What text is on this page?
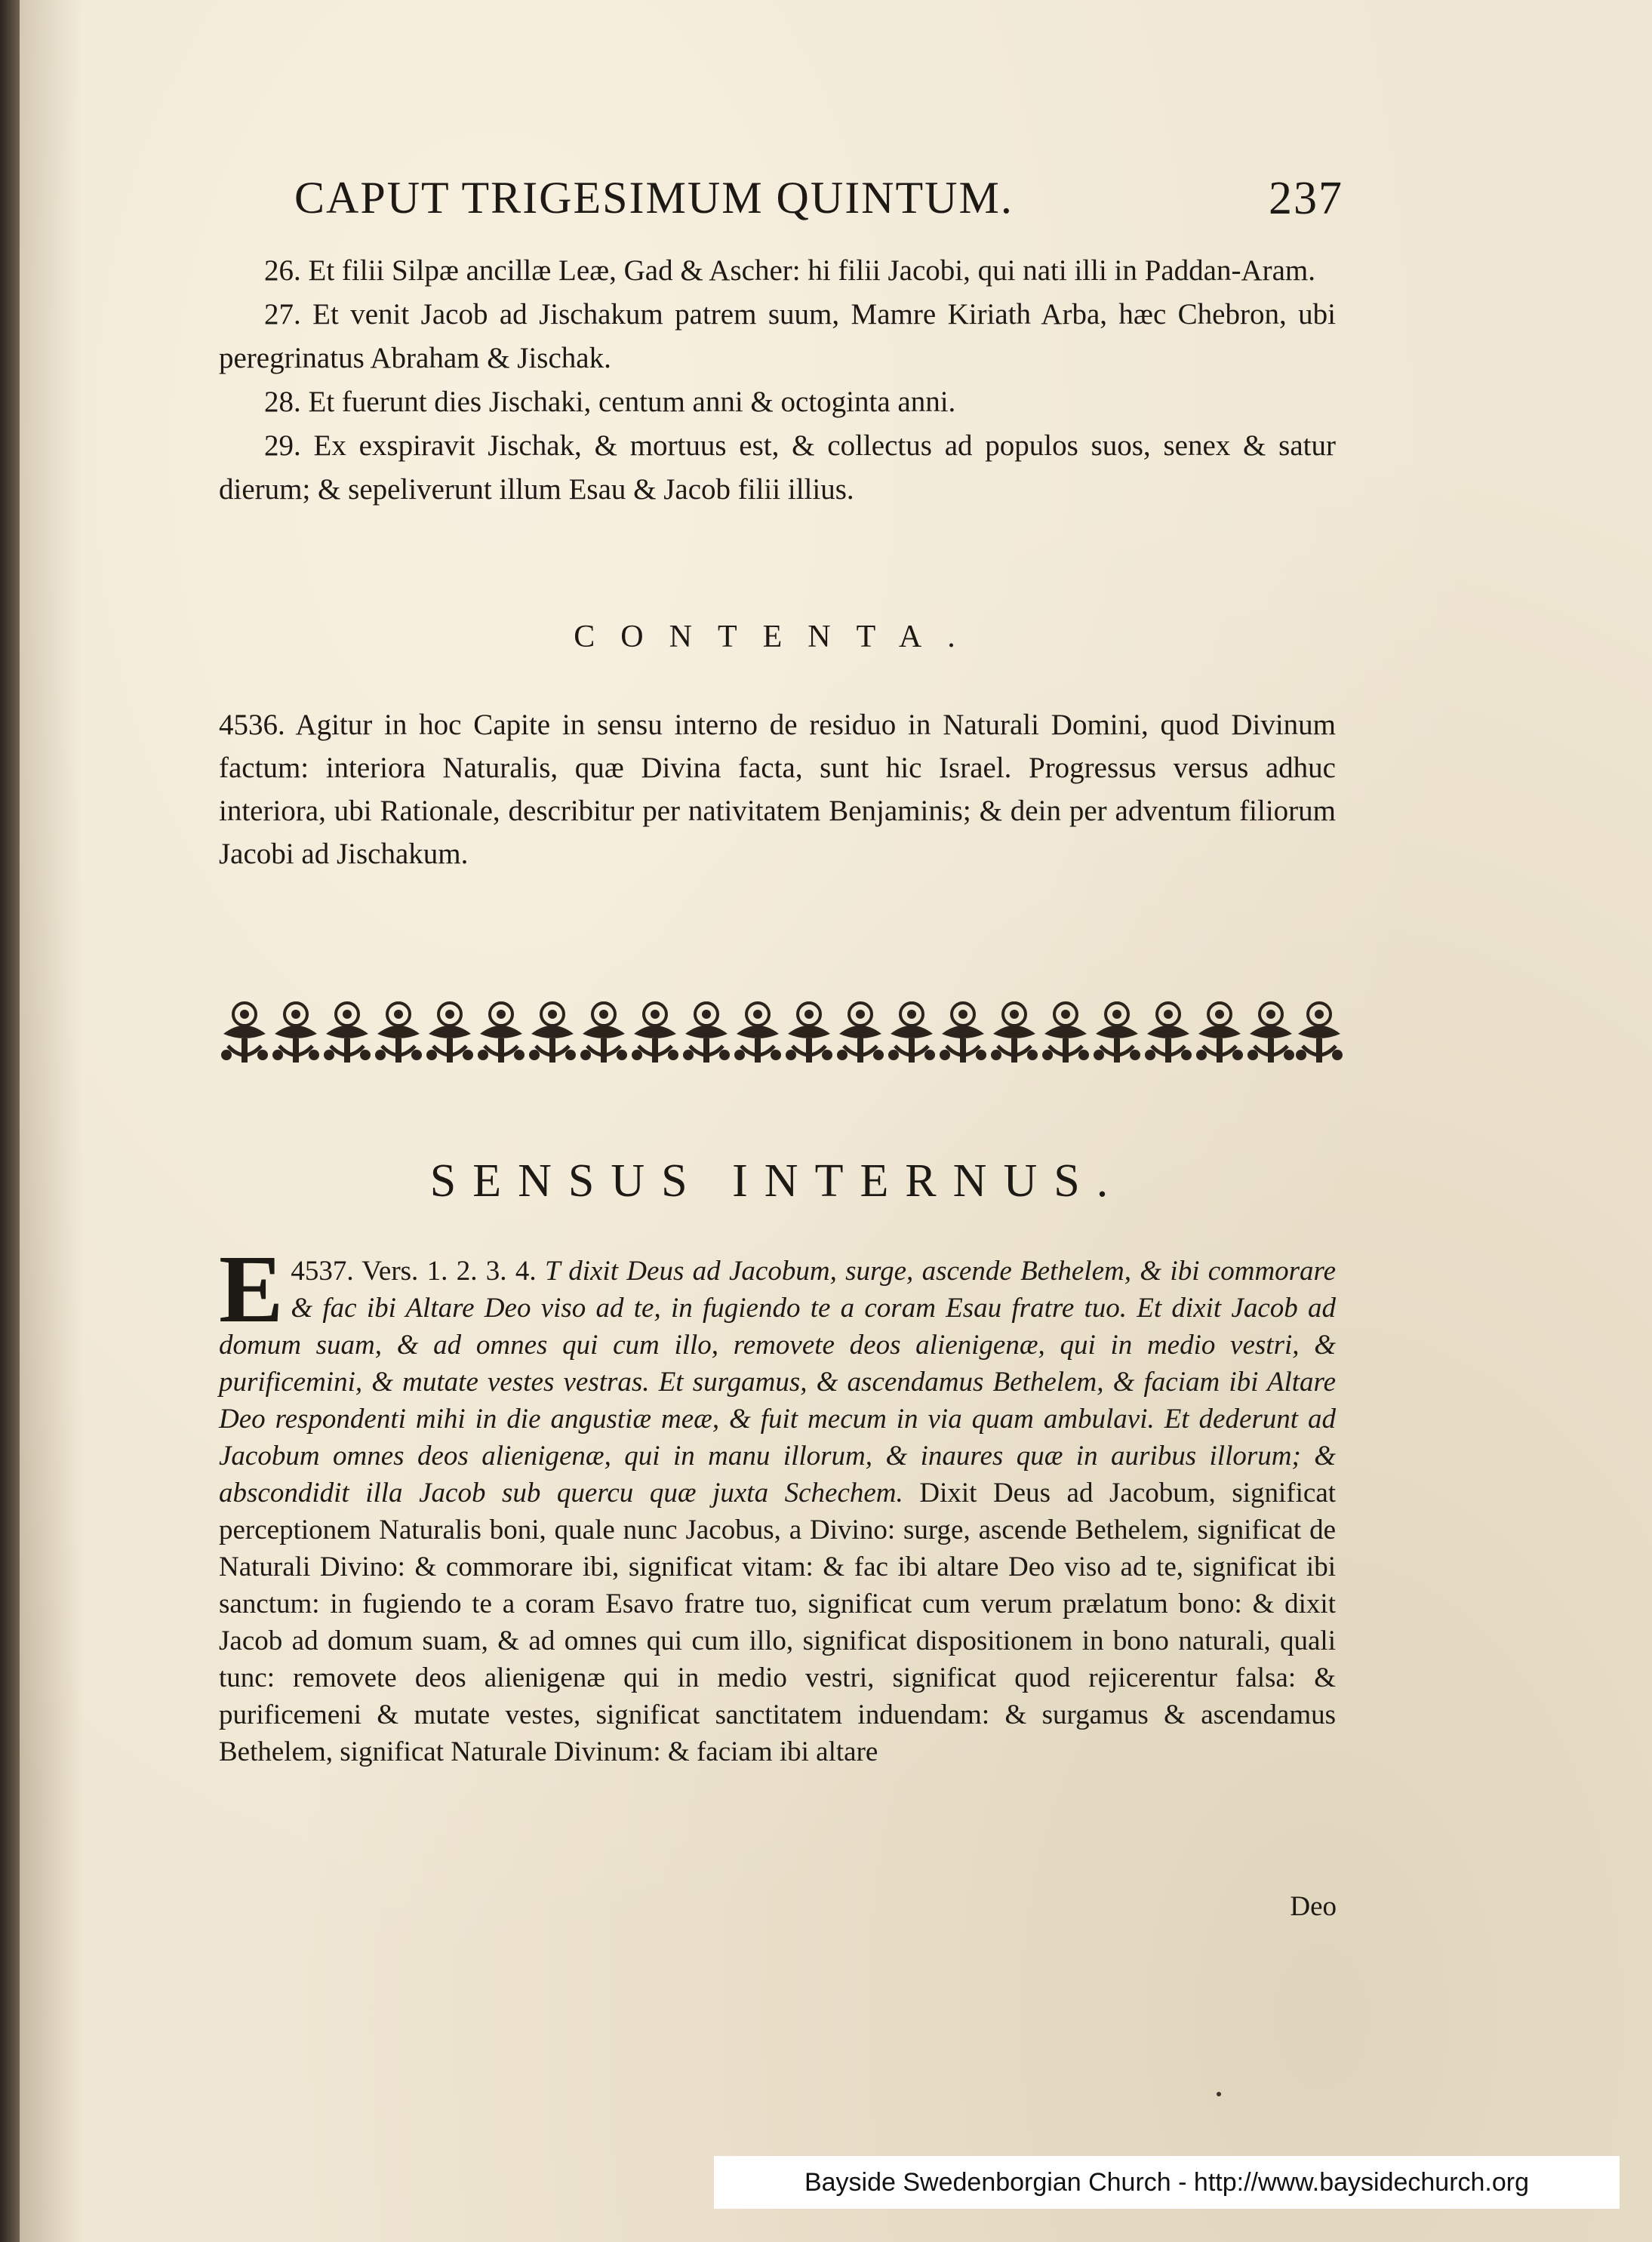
CAPUT TRIGESIMUM QUINTUM.	237
26. Et filii Silpæ ancillæ Leæ, Gad & Ascher: hi filii Jacobi, qui nati illi in Paddan-Aram.
27. Et venit Jacob ad Jischakum patrem suum, Mamre Kiriath Arba, hæc Chebron, ubi peregrinatus Abraham & Jischak.
28. Et fuerunt dies Jischaki, centum anni & octoginta anni.
29. Ex exspiravit Jischak, & mortuus est, & collectus ad populos suos, senex & satur dierum; & sepeliverunt illum Esau & Jacob filii illius.
CONTENTA.
4536. Agitur in hoc Capite in sensu interno de residuo in Naturali Domini, quod Divinum factum: interiora Naturalis, quæ Divina facta, sunt hic Israel. Progressus versus adhuc interiora, ubi Rationale, describitur per nativitatem Benjaminis; & dein per adventum filiorum Jacobi ad Jischakum.
SENSUS INTERNUS.
4537. Vers. 1. 2. 3. 4.
E	T dixit Deus ad Jacobum, surge, ascende Bethelem, & ibi commorare & fac ibi Altare Deo viso ad te, in fugiendo te a coram Esau fratre tuo. Et dixit Jacob ad domum suam, & ad omnes qui cum illo, removete deos alienigenæ, qui in medio vestri, & purificemini, & mutate vestes vestras. Et surgamus, & ascendamus Bethelem, & faciam ibi Altare Deo respondenti mihi in die angustiæ meæ, & fuit mecum in via quam ambulavi. Et dederunt ad Jacobum omnes deos alienigenæ, qui in manu illorum, & inaures quæ in auribus illorum; & abscondidit illa Jacob sub quercu quæ juxta Schechem. Dixit Deus ad Jacobum, significat perceptionem Naturalis boni, quale nunc Jacobus, a Divino: surge, ascende Bethelem, significat de Naturali Divino: & commorare ibi, significat vitam: & fac ibi altare Deo viso ad te, significat ibi sanctum: in fugiendo te a coram Esavo fratre tuo, significat cum verum prælatum bono: & dixit Jacob ad domum suam, & ad omnes qui cum illo, significat dispositionem in bono naturali, quali tunc: removete deos alienigenæ qui in medio vestri, significat quod rejicerentur falsa: & purificemeni & mutate vestes, significat sanctitatem induendam: & surgamus & ascendamus Bethelem, significat Naturale Divinum: & faciam ibi altare
Deo
Bayside Swedenborgian Church - http://www.baysidechurch.org
